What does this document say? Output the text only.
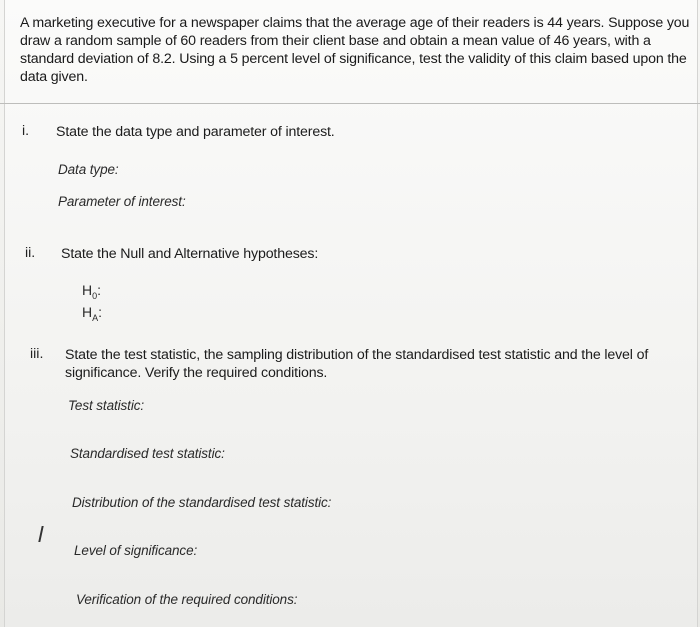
A marketing executive for a newspaper claims that the average age of their readers is 44 years. Suppose you draw a random sample of 60 readers from their client base and obtain a mean value of 46 years, with a standard deviation of 8.2. Using a 5 percent level of significance, test the validity of this claim based upon the data given.
i. State the data type and parameter of interest.
Data type:
Parameter of interest:
ii. State the Null and Alternative hypotheses:
$H_0$:
$H_A$:
iii. State the test statistic, the sampling distribution of the standardised test statistic and the level of significance. Verify the required conditions.
Test statistic:
Standardised test statistic:
Distribution of the standardised test statistic:
Level of significance:
Verification of the required conditions:
